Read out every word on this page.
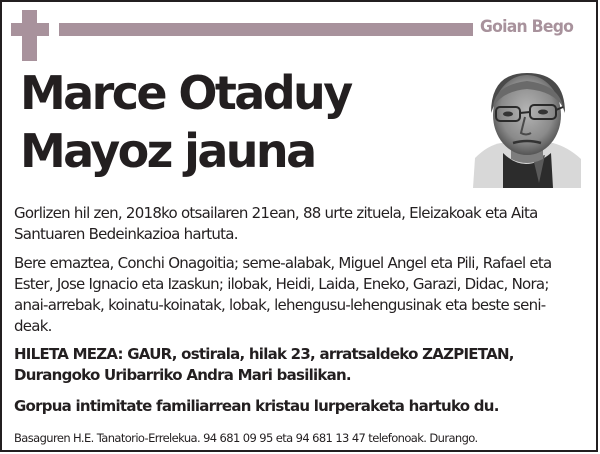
Goian Bego
Marce Otaduy
Mayoz jauna
Gorlizen hil zen, 2018ko otsailaren 21ean, 88 urte zituela, Eleizakoak eta Aita
Santuaren Bedeinkazioa hartuta.
Bere emaztea, Conchi Onagoitia; seme-alabak, Miguel Angel eta Pili, Rafael eta
Ester, Jose Ignacio eta Izaskun; ilobak, Heidi, Laida, Eneko, Garazi, Didac, Nora;
anai-arrebak, koinatu-koinatak, lobak, lehengusu-lehengusinak eta beste seni-
deak.
HILETA MEZA: GAUR, ostirala, hilak 23, arratsaldeko ZAZPIETAN,
Durangoko Uribarriko Andra Mari basilikan.
Gorpua intimitate familiarrean kristau lurperaketa hartuko du.
Basaguren H.E. Tanatorio-Errelekua. 94 681 09 95 eta 94 681 13 47 telefonoak. Durango.
